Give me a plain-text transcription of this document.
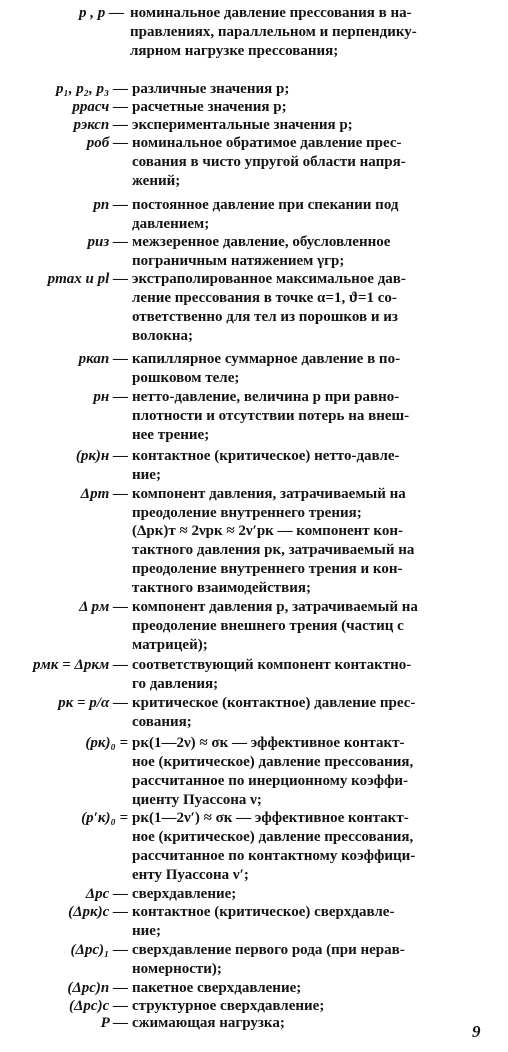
p , p — номинальное давление прессования в на-
правлениях, параллельном и перпендику-
лярном нагрузке прессования;
p₁, p₂, p₃ — различные значения p;
pрасч — расчетные значения p;
pэксп — экспериментальные значения p;
pоб — номинальное обратимое давление прес-
сования в чисто упругой области напря-
жений;
pп — постоянное давление при спекании под
давлением;
pиз — межзеренное давление, обусловленное
пограничным натяжением γгр;
pmax и pl — экстраполированное максимальное дав-
ление прессования в точке α=1, ϑ=1 со-
ответственно для тел из порошков и из
волокна;
pкап — капиллярное суммарное давление в по-
рошковом теле;
pн — нетто-давление, величина p при равно-
плотности и отсутствии потерь на внеш-
нее трение;
(pк)н — контактное (критическое) нетто-давле-
ние;
Δpт — компонент давления, затрачиваемый на
преодоление внутреннего трения;
(Δpк)т ≈ 2νpк ≈ 2ν′pк — компонент кон-
тактного давления pк, затрачиваемый на
преодоление внутреннего трения и кон-
тактного взаимодействия;
Δ pм — компонент давления p, затрачиваемый на
преодоление внешнего трения (частиц с
матрицей);
pмк = Δpкм — соответствующий компонент контактно-
го давления;
pк = p/α — критическое (контактное) давление прес-
сования;
(pк)₀ = pк(1—2ν) ≈ σк — эффективное контакт-
ное (критическое) давление прессования,
рассчитанное по инерционному коэффи-
циенту Пуассона ν;
(p′к)₀ = pк(1—2ν′) ≈ σк — эффективное контакт-
ное (критическое) давление прессования,
рассчитанное по контактному коэффици-
енту Пуассона ν′;
Δpс — сверхдавление;
(Δpк)с — контактное (критическое) сверхдавле-
ние;
(Δpс)₁ — сверхдавление первого рода (при нерав-
номерности);
(Δpс)п — пакетное сверхдавление;
(Δpс)с — структурное сверхдавление;
P — сжимающая нагрузка;	9
